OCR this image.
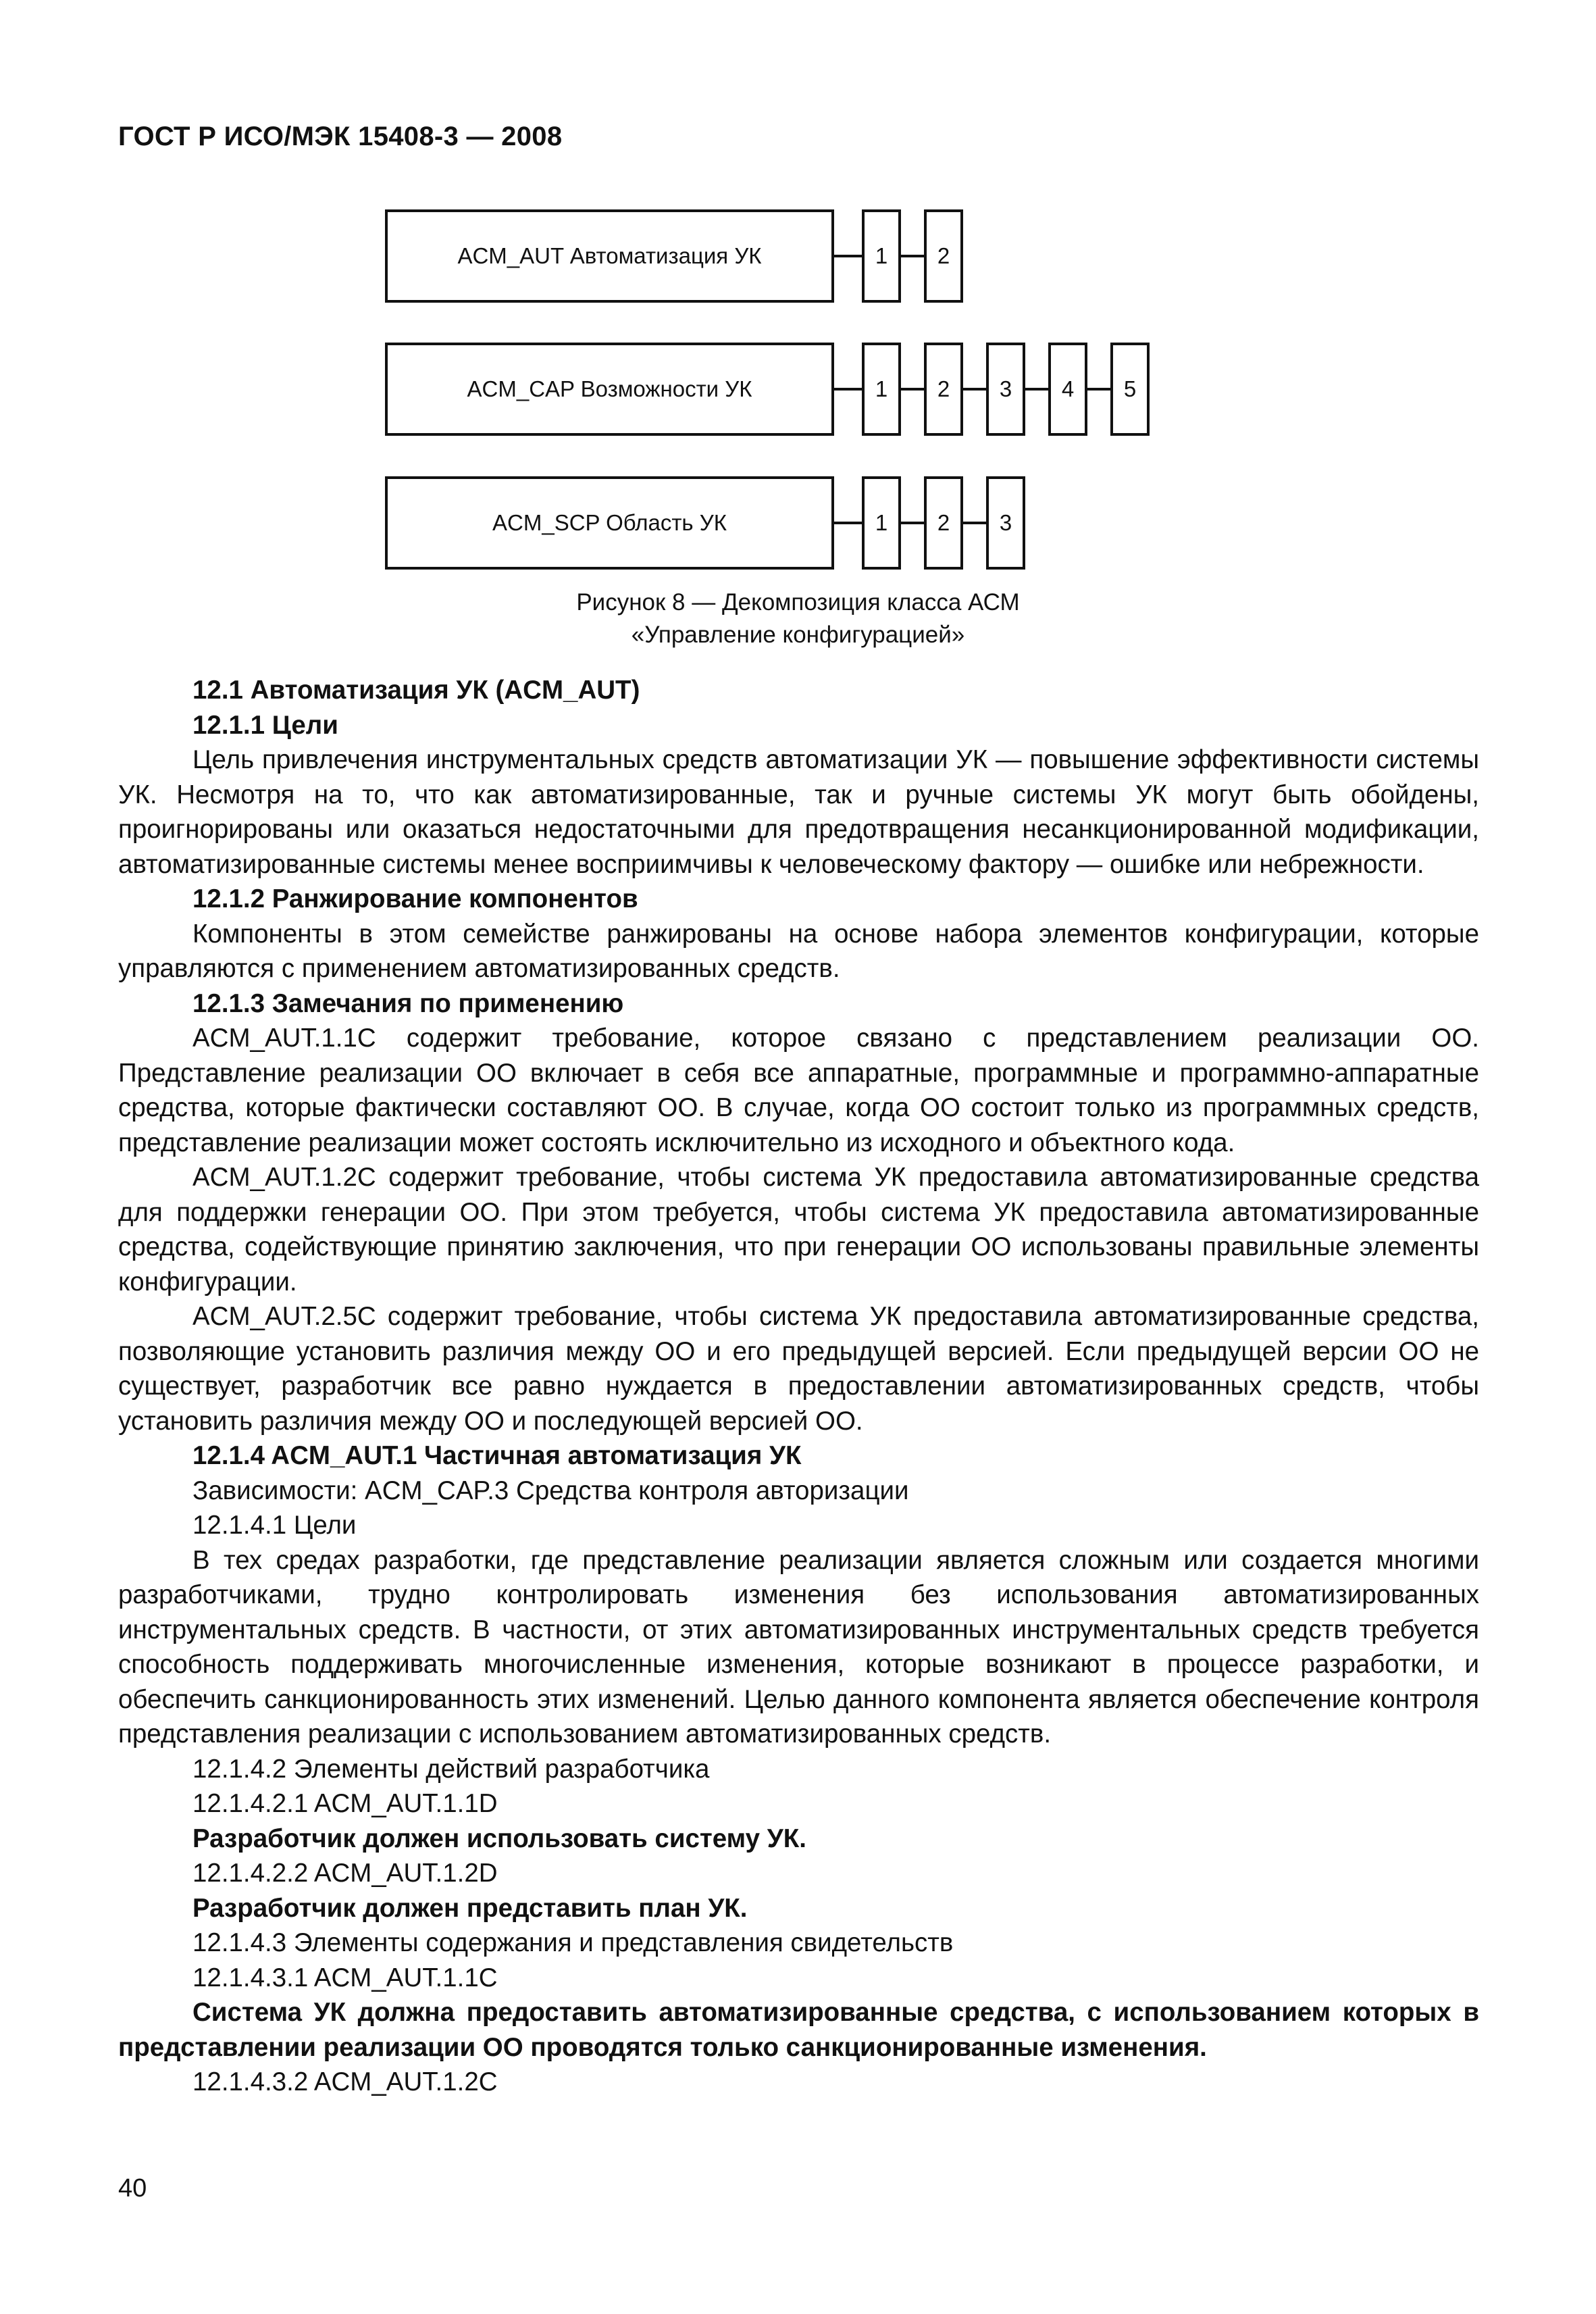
ГОСТ Р ИСО/МЭК 15408-3 — 2008
ACM_AUT Автоматизация УК	1	2
ACM_CAP Возможности УК	1	2	3	4	5
ACM_SCP Область УК	1	2	3
Рисунок 8 — Декомпозиция класса АСМ
«Управление конфигурацией»
12.1 Автоматизация УК (ACM_AUT)
12.1.1 Цели
Цель привлечения инструментальных средств автоматизации УК — повышение эффективности системы УК. Несмотря на то, что как автоматизированные, так и ручные системы УК могут быть обойдены, проигнорированы или оказаться недостаточными для предотвращения несанкционированной модификации, автоматизированные системы менее восприимчивы к человеческому фактору — ошибке или небрежности.
12.1.2 Ранжирование компонентов
Компоненты в этом семействе ранжированы на основе набора элементов конфигурации, которые управляются с применением автоматизированных средств.
12.1.3 Замечания по применению
ACM_AUT.1.1C содержит требование, которое связано с представлением реализации ОО. Представление реализации ОО включает в себя все аппаратные, программные и программно-аппаратные средства, которые фактически составляют ОО. В случае, когда ОО состоит только из программных средств, представление реализации может состоять исключительно из исходного и объектного кода.
ACM_AUT.1.2C содержит требование, чтобы система УК предоставила автоматизированные средства для поддержки генерации ОО. При этом требуется, чтобы система УК предоставила автоматизированные средства, содействующие принятию заключения, что при генерации ОО использованы правильные элементы конфигурации.
ACM_AUT.2.5C содержит требование, чтобы система УК предоставила автоматизированные средства, позволяющие установить различия между ОО и его предыдущей версией. Если предыдущей версии ОО не существует, разработчик все равно нуждается в предоставлении автоматизированных средств, чтобы установить различия между ОО и последующей версией ОО.
12.1.4 ACM_AUT.1 Частичная автоматизация УК
Зависимости: ACM_CAP.3 Средства контроля авторизации
12.1.4.1 Цели
В тех средах разработки, где представление реализации является сложным или создается многими разработчиками, трудно контролировать изменения без использования автоматизированных инструментальных средств. В частности, от этих автоматизированных инструментальных средств требуется способность поддерживать многочисленные изменения, которые возникают в процессе разработки, и обеспечить санкционированность этих изменений. Целью данного компонента является обеспечение контроля представления реализации с использованием автоматизированных средств.
12.1.4.2 Элементы действий разработчика
12.1.4.2.1 ACM_AUT.1.1D
Разработчик должен использовать систему УК.
12.1.4.2.2 ACM_AUT.1.2D
Разработчик должен представить план УК.
12.1.4.3 Элементы содержания и представления свидетельств
12.1.4.3.1 ACM_AUT.1.1C
Система УК должна предоставить автоматизированные средства, с использованием которых в представлении реализации ОО проводятся только санкционированные изменения.
12.1.4.3.2 ACM_AUT.1.2C
40
